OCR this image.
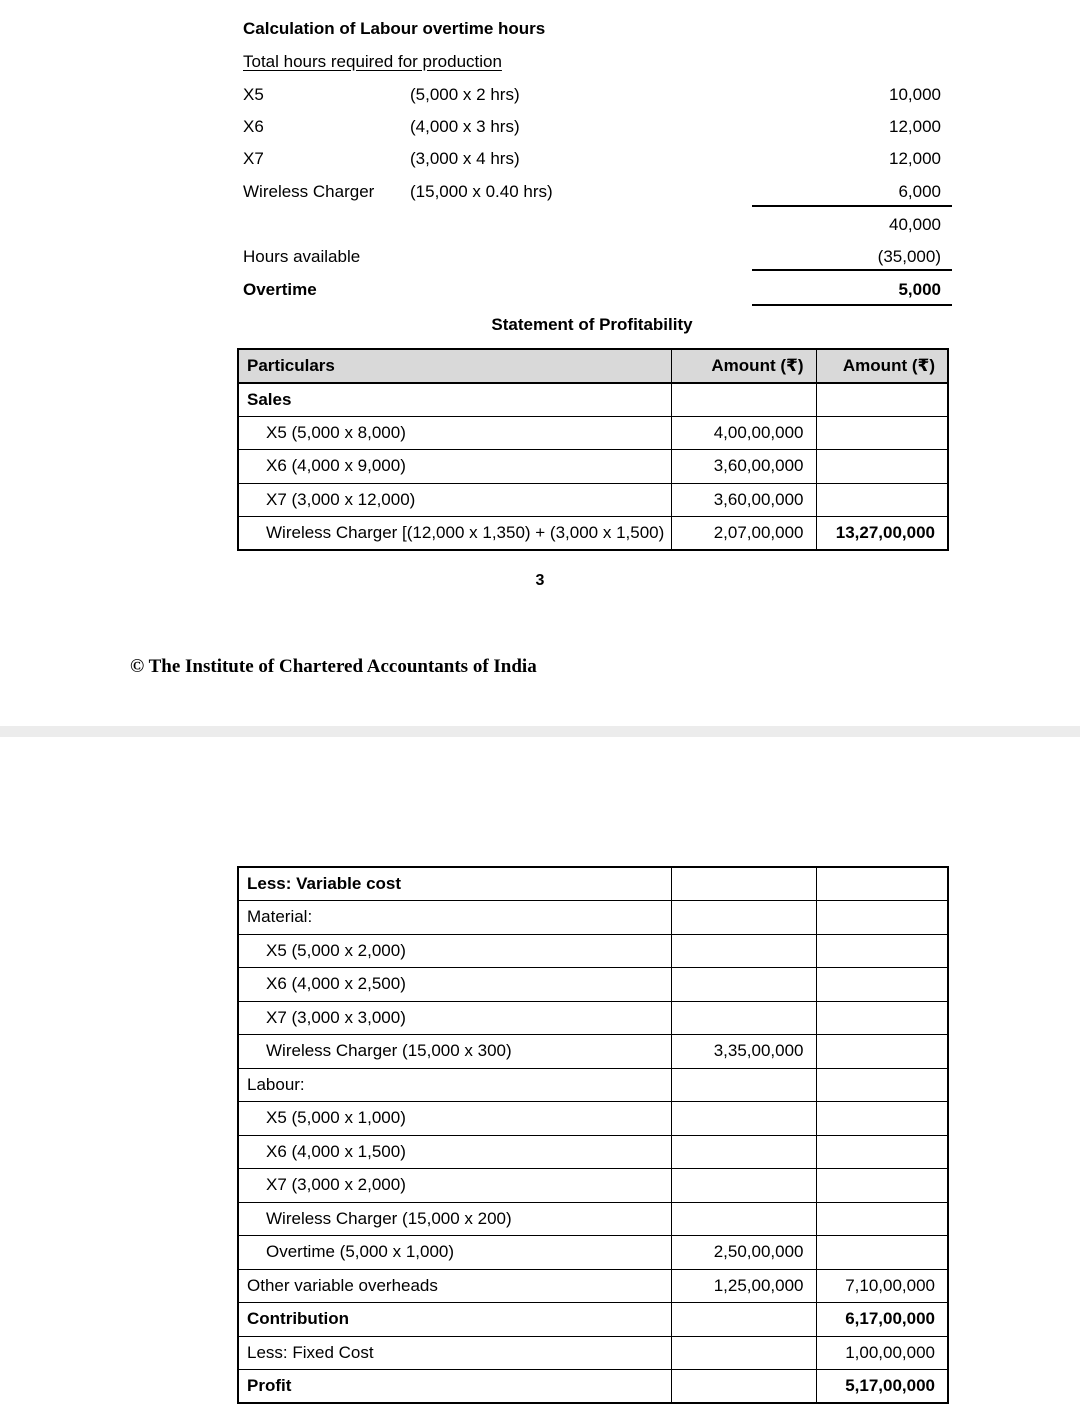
Calculation of Labour overtime hours
Total hours required for production
X5	(5,000 x 2 hrs)	10,000
X6	(4,000 x 3 hrs)	12,000
X7	(3,000 x 4 hrs)	12,000
Wireless Charger (15,000 x 0.40 hrs)	6,000
40,000
Hours available	(35,000)
Overtime	5,000
Statement of Profitability
Particulars	Amount (₹)	Amount (₹)
Sales		
X5 (5,000 x 8,000)	4,00,00,000	
X6 (4,000 x 9,000)	3,60,00,000	
X7 (3,000 x 12,000)	3,60,00,000	
Wireless Charger [(12,000 x 1,350) + (3,000 x 1,500)	2,07,00,000	13,27,00,000
3
© The Institute of Chartered Accountants of India
Less: Variable cost		
Material:		
X5 (5,000 x 2,000)		
X6 (4,000 x 2,500)		
X7 (3,000 x 3,000)		
Wireless Charger (15,000 x 300)	3,35,00,000	
Labour:		
X5 (5,000 x 1,000)		
X6 (4,000 x 1,500)		
X7 (3,000 x 2,000)		
Wireless Charger (15,000 x 200)		
Overtime (5,000 x 1,000)	2,50,00,000	
Other variable overheads	1,25,00,000	7,10,00,000
Contribution		6,17,00,000
Less: Fixed Cost		1,00,00,000
Profit		5,17,00,000
